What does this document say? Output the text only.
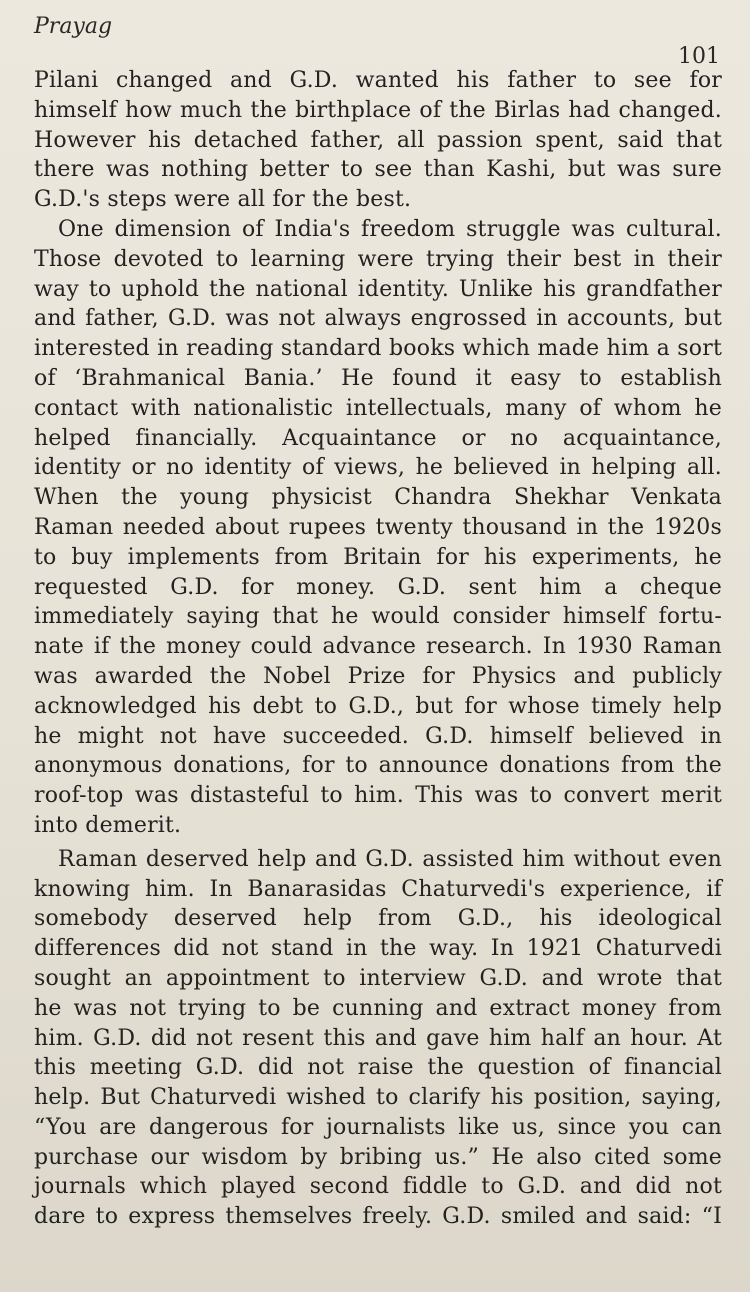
Prayag
101
Pilani changed and G.D. wanted his father to see for
himself how much the birthplace of the Birlas had changed.
However his detached father, all passion spent, said that
there was nothing better to see than Kashi, but was sure
G.D.'s steps were all for the best.
One dimension of India's freedom struggle was cultural.
Those devoted to learning were trying their best in their
way to uphold the national identity. Unlike his grandfather
and father, G.D. was not always engrossed in accounts, but
interested in reading standard books which made him a sort
of ‘Brahmanical Bania.’ He found it easy to establish
contact with nationalistic intellectuals, many of whom he
helped financially. Acquaintance or no acquaintance,
identity or no identity of views, he believed in helping all.
When the young physicist Chandra Shekhar Venkata
Raman needed about rupees twenty thousand in the 1920s
to buy implements from Britain for his experiments, he
requested G.D. for money. G.D. sent him a cheque
immediately saying that he would consider himself fortu-
nate if the money could advance research. In 1930 Raman
was awarded the Nobel Prize for Physics and publicly
acknowledged his debt to G.D., but for whose timely help
he might not have succeeded. G.D. himself believed in
anonymous donations, for to announce donations from the
roof-top was distasteful to him. This was to convert merit
into demerit.
Raman deserved help and G.D. assisted him without even
knowing him. In Banarasidas Chaturvedi's experience, if
somebody deserved help from G.D., his ideological
differences did not stand in the way. In 1921 Chaturvedi
sought an appointment to interview G.D. and wrote that
he was not trying to be cunning and extract money from
him. G.D. did not resent this and gave him half an hour. At
this meeting G.D. did not raise the question of financial
help. But Chaturvedi wished to clarify his position, saying,
“You are dangerous for journalists like us, since you can
purchase our wisdom by bribing us.” He also cited some
journals which played second fiddle to G.D. and did not
dare to express themselves freely. G.D. smiled and said: “I
